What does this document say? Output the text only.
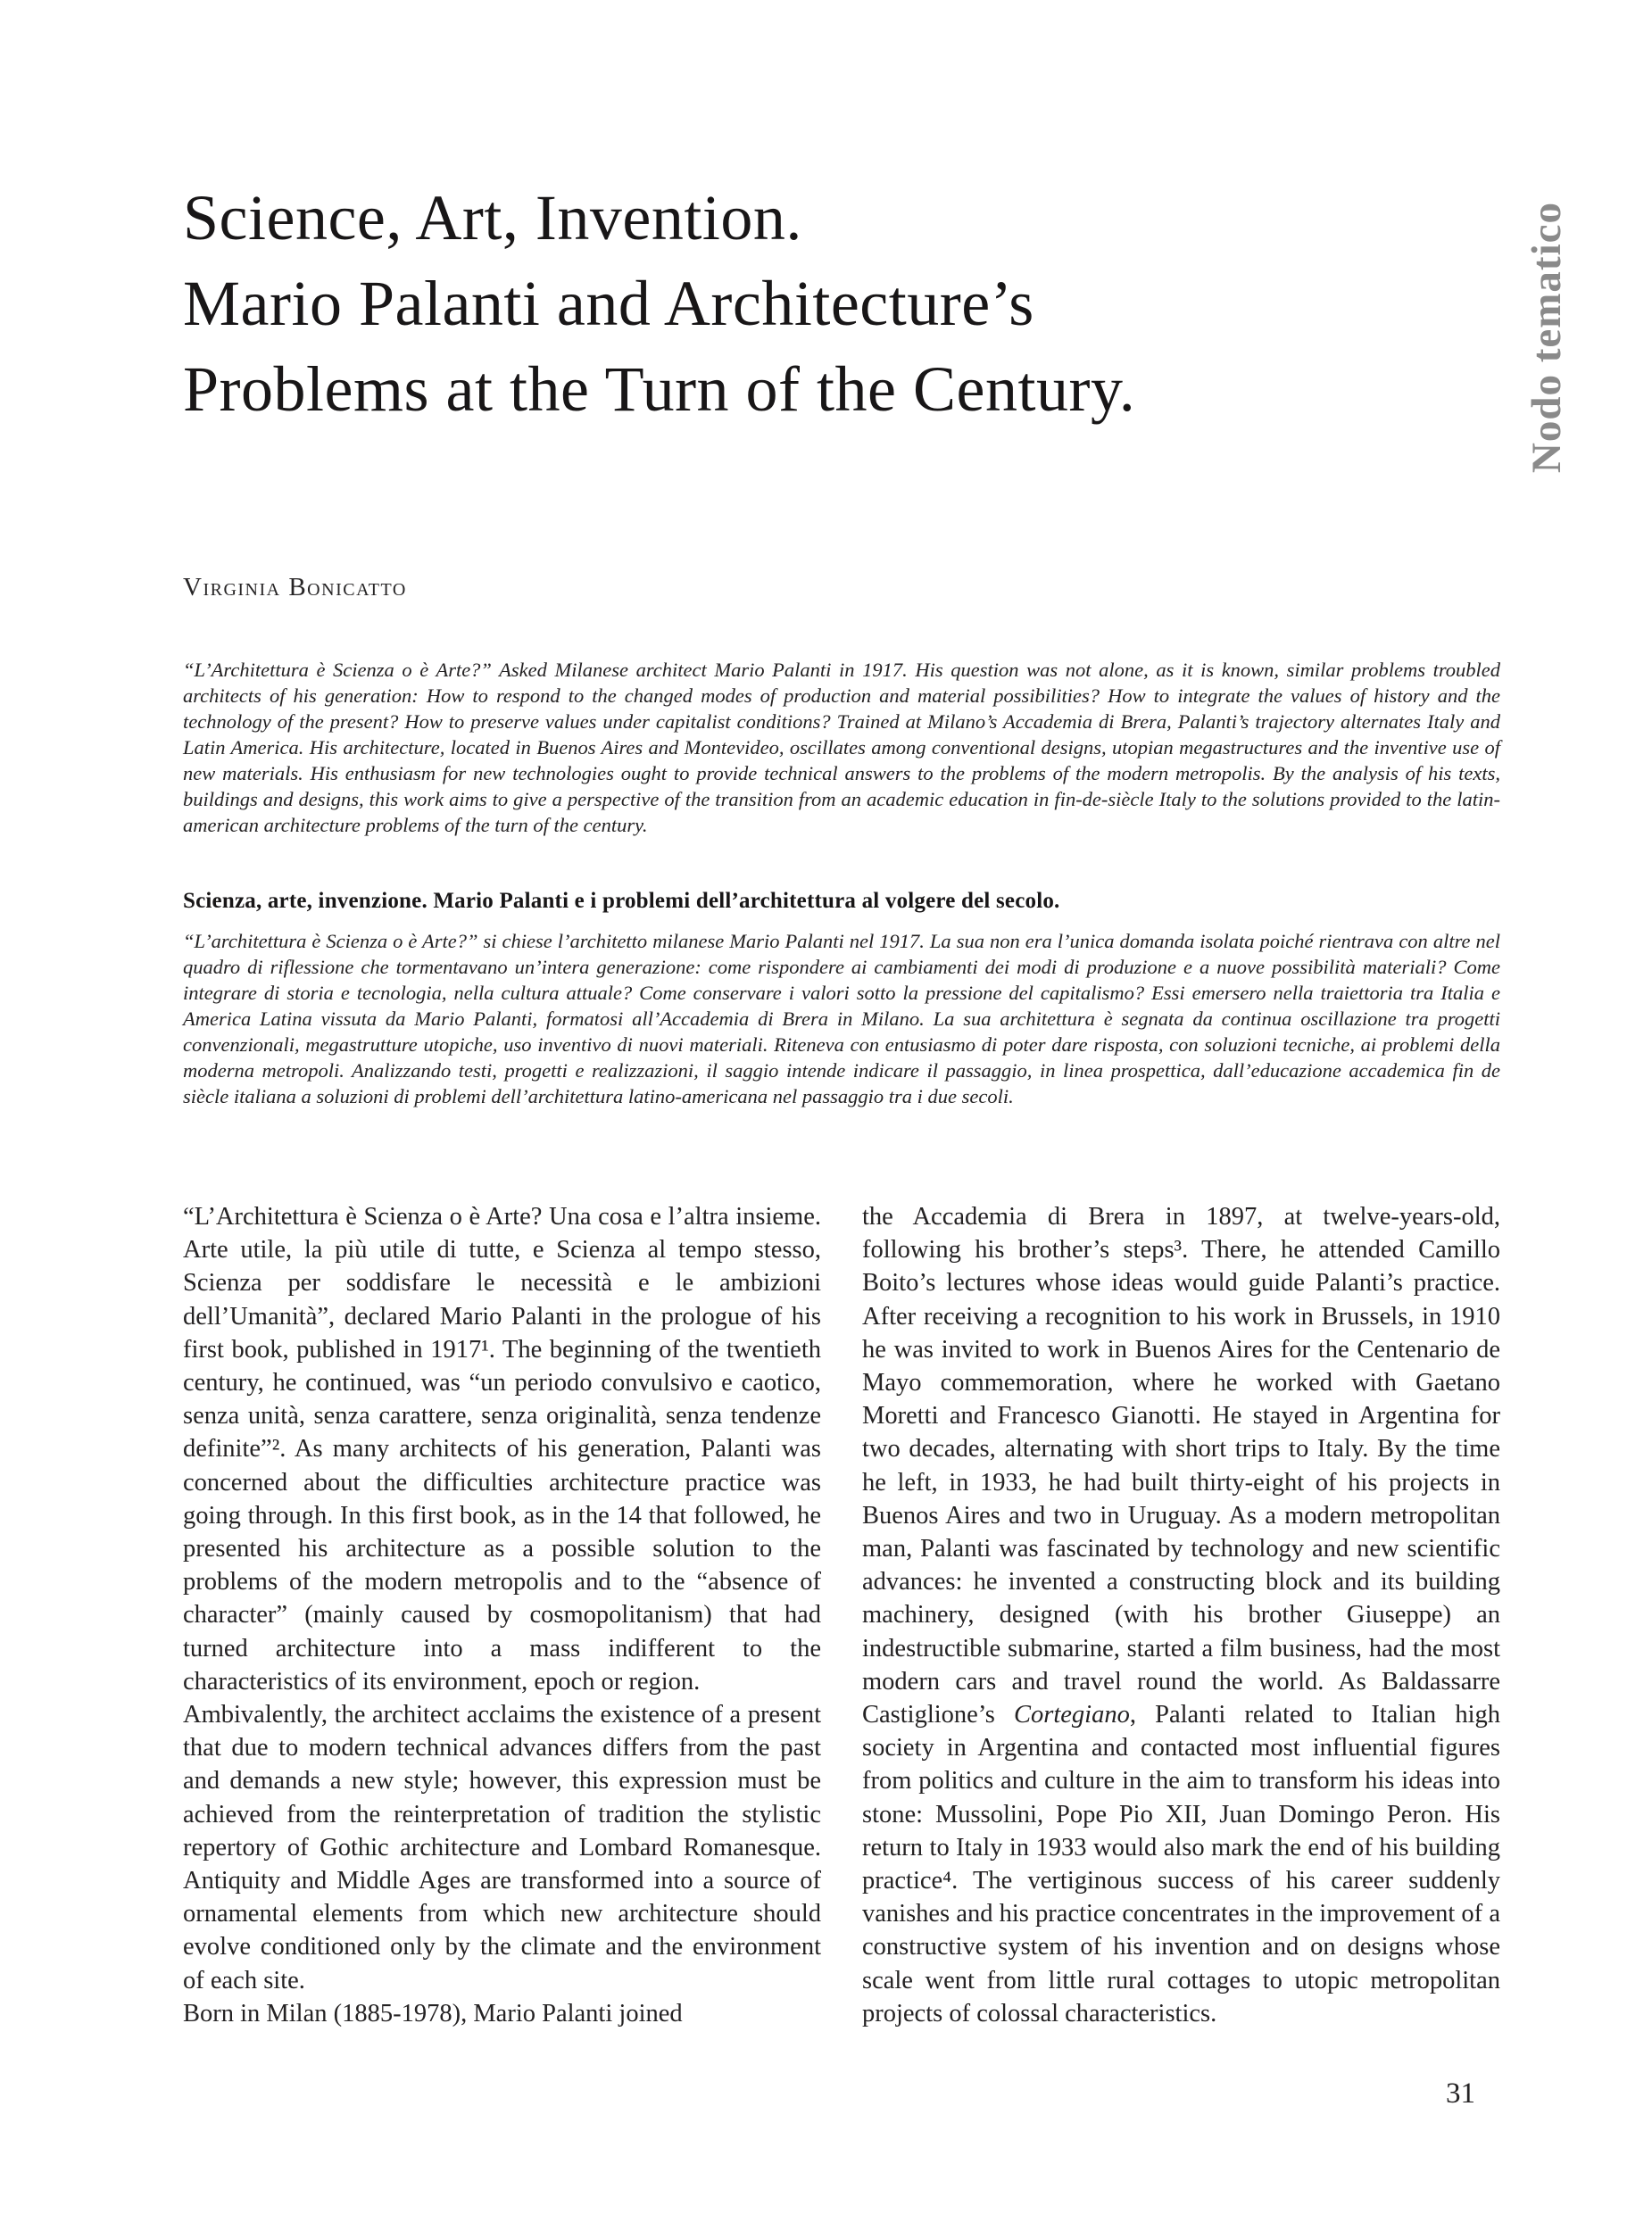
Science, Art, Invention.
Mario Palanti and Architecture’s
Problems at the Turn of the Century.	Nodo tematico
Virginia Bonicatto
“L’Architettura è Scienza o è Arte?” Asked Milanese architect Mario Palanti in 1917. His question was not alone, as it is known, similar problems troubled architects of his generation: How to respond to the changed modes of production and material possibilities? How to integrate the values of history and the technology of the present? How to preserve values under capitalist conditions? Trained at Milano’s Accademia di Brera, Palanti’s trajectory alternates Italy and Latin America. His architecture, located in Buenos Aires and Montevideo, oscillates among conventional designs, utopian megastructures and the inventive use of new materials. His enthusiasm for new technologies ought to provide technical answers to the problems of the modern metropolis. By the analysis of his texts, buildings and designs, this work aims to give a perspective of the transition from an academic education in fin-de-siècle Italy to the solutions provided to the latin-american architecture problems of the turn of the century.
Scienza, arte, invenzione. Mario Palanti e i problemi dell’architettura al volgere del secolo.
“L’architettura è Scienza o è Arte?” si chiese l’architetto milanese Mario Palanti nel 1917. La sua non era l’unica domanda isolata poiché rientrava con altre nel quadro di riflessione che tormentavano un’intera generazione: come rispondere ai cambiamenti dei modi di produzione e a nuove possibilità materiali? Come integrare di storia e tecnologia, nella cultura attuale? Come conservare i valori sotto la pressione del capitalismo? Essi emersero nella traiettoria tra Italia e America Latina vissuta da Mario Palanti, formatosi all’Accademia di Brera in Milano. La sua architettura è segnata da continua oscillazione tra progetti convenzionali, megastrutture utopiche, uso inventivo di nuovi materiali. Riteneva con entusiasmo di poter dare risposta, con soluzioni tecniche, ai problemi della moderna metropoli. Analizzando testi, progetti e realizzazioni, il saggio intende indicare il passaggio, in linea prospettica, dall’educazione accademica fin de siècle italiana a soluzioni di problemi dell’architettura latino-americana nel passaggio tra i due secoli.

“L’Architettura è Scienza o è Arte? Una cosa e l’altra insieme. Arte utile, la più utile di tutte, e Scienza al tempo stesso, Scienza per soddisfare le necessità e le ambizioni dell’Umanità”, declared Mario Palanti in the prologue of his first book, published in 1917¹. The beginning of the twentieth century, he continued, was “un periodo convulsivo e caotico, senza unità, senza carattere, senza originalità, senza tendenze definite”². As many architects of his generation, Palanti was concerned about the difficulties architecture practice was going through. In this first book, as in the 14 that followed, he presented his architecture as a possible solution to the problems of the modern metropolis and to the “absence of character” (mainly caused by cosmopolitanism) that had turned architecture into a mass indifferent to the characteristics of its environment, epoch or region.

Ambivalently, the architect acclaims the existence of a present that due to modern technical advances differs from the past and demands a new style; however, this expression must be achieved from the reinterpretation of tradition the stylistic repertory of Gothic architecture and Lombard Romanesque. Antiquity and Middle Ages are transformed into a source of ornamental elements from which new architecture should evolve conditioned only by the climate and the environment of each site.

Born in Milan (1885-1978), Mario Palanti joined

the Accademia di Brera in 1897, at twelve-years-old, following his brother’s steps³. There, he attended Camillo Boito’s lectures whose ideas would guide Palanti’s practice. After receiving a recognition to his work in Brussels, in 1910 he was invited to work in Buenos Aires for the Centenario de Mayo commemoration, where he worked with Gaetano Moretti and Francesco Gianotti. He stayed in Argentina for two decades, alternating with short trips to Italy. By the time he left, in 1933, he had built thirty-eight of his projects in Buenos Aires and two in Uruguay. As a modern metropolitan man, Palanti was fascinated by technology and new scientific advances: he invented a constructing block and its building machinery, designed (with his brother Giuseppe) an indestructible submarine, started a film business, had the most modern cars and travel round the world. As Baldassarre Castiglione’s Cortegiano, Palanti related to Italian high society in Argentina and contacted most influential figures from politics and culture in the aim to transform his ideas into stone: Mussolini, Pope Pio XII, Juan Domingo Peron. His return to Italy in 1933 would also mark the end of his building practice⁴. The vertiginous success of his career suddenly vanishes and his practice concentrates in the improvement of a constructive system of his invention and on designs whose scale went from little rural cottages to utopic metropolitan projects of colossal characteristics.

31
